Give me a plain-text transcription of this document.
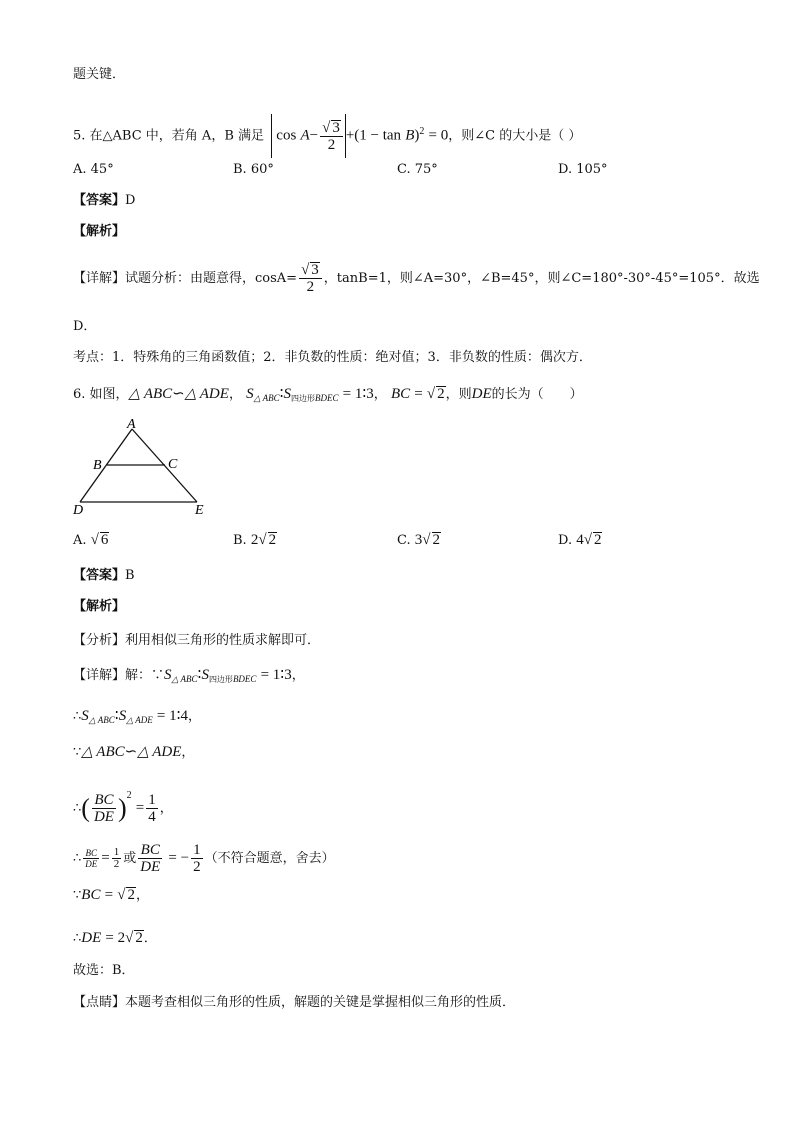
题关键．
5. 在△ABC 中，若角 A，B 满足 $\cos A- \frac{√ 3}{2} +(1 - \tan B)^2 = 0$，则∠C 的大小是（ ）
A. 45°	B. 60°	C. 75°	D. 105°
【答案】D
【解析】
【详解】试题分析：由题意得，$\cos A= \frac{√ 3}{2}$ ，tanB=1，则∠A=30°，∠B=45°，则∠C=180°-30°-45°=105°．故选
D．
考点：1．特殊角的三角函数值；2．非负数的性质：绝对值；3．非负数的性质：偶次方．
6. 如图，△ ABC∽△ ADE， $S_{\triangle ABC}∶S_{四边形BDEC}$ = 1∶3， BC = √ 2，则DE的长为（　　）
A
B	C
D	E
A. √ 6	B. 2√ 2	C. 3√ 2	D. 4√ 2
【答案】B
【解析】
【分析】利用相似三角形的性质求解即可．
【详解】解：$\because S_{\triangle ABC}∶S_{四边形BDEC}$ = 1∶3，
$\therefore S_{\triangle ABC}∶S_{\triangle ADE}$ = 1∶4，
∵△ ABC∽△ ADE，
∴( $\frac{BC}{DE} )^2 = \frac{1}{4}$ ，
∴ $\frac{BC}{DE} = \frac{1}{2}$ 或 $\frac{BC}{DE}$ = − $\frac{1}{2}$ （不符合题意，舍去）
∵BC = √ 2，
∴DE = 2√ 2．
故选：B．
【点睛】本题考查相似三角形的性质，解题的关键是掌握相似三角形的性质．
